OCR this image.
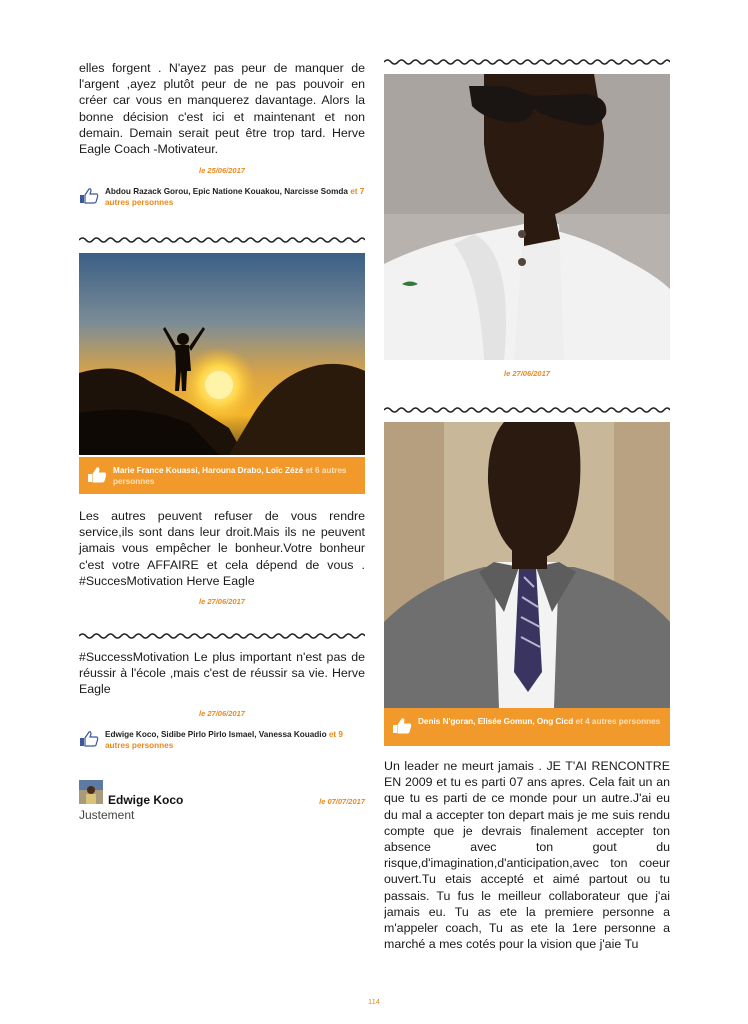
elles forgent . N'ayez pas peur de manquer de l'argent ,ayez plutôt peur de ne pas pouvoir en créer car vous en manquerez davantage. Alors la bonne décision c'est ici et maintenant et non demain. Demain serait peut être trop tard. Herve Eagle Coach -Motivateur.

le 25/06/2017
Abdou Razack Gorou, Epic Natione Kouakou, Narcisse Somda et 7 autres personnes
Marie France Kouassi, Harouna Drabo, Loïc Zézé et 6 autres personnes

Les autres peuvent refuser de vous rendre service,ils sont dans leur droit.Mais ils ne peuvent jamais vous empêcher le bonheur.Votre bonheur c'est votre AFFAIRE et cela dépend de vous . #SuccesMotivation Herve Eagle

le 27/06/2017

#SuccessMotivation Le plus important n'est pas de réussir à l'école ,mais c'est de réussir sa vie. Herve Eagle

le 27/06/2017
Edwige Koco, Sidibe Pirlo Pirlo Ismael, Vanessa Kouadio et 9 autres personnes
Edwige Koco	le 07/07/2017
Justement
le 27/06/2017
Denis N'goran, Elisée Gomun, Ong Cicd et 4 autres personnes

Un leader ne meurt jamais . JE T'AI RENCONTRE EN 2009 et tu es parti 07 ans apres. Cela fait un an que tu es parti de ce monde pour un autre.J'ai eu du mal a accepter ton depart mais je me suis rendu compte que je devrais finalement accepter ton absence avec ton gout du risque,d'imagination,d'anticipation,avec ton coeur ouvert.Tu etais accepté et aimé partout ou tu passais. Tu fus le meilleur collaborateur que j'ai jamais eu. Tu as ete la premiere personne a m'appeler coach, Tu as ete la 1ere personne a marché a mes cotés pour la vision que j'aie Tu

114
